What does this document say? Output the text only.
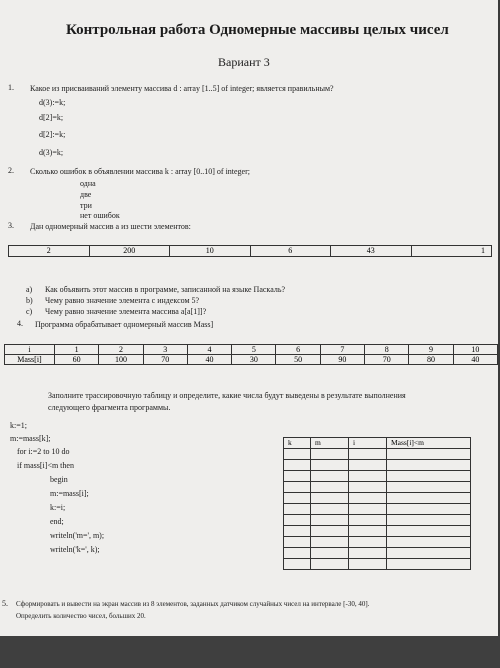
Контрольная работа Одномерные массивы целых чисел
Вариант 3
1. Какое из присваиваний элементу массива d : array [1..5] of integer; является правильным?
d(3):=k;
d[2]=k;
d[2]:=k;
d(3)=k;
2. Сколько ошибок в объявлении массива k : array [0..10] of integer;
одна
две
три
нет ошибок
3. Дан одномерный массив а из шести элементов:
2	200	10	6	43	1
a) Как объявить этот массив в программе, записанной на языке Паскаль?
b) Чему равно значение элемента с индексом 5?
c) Чему равно значение элемента массива a[a[1]]?
4. Программа обрабатывает одномерный массив Mass]
i	1	2	3	4	5	6	7	8	9	10
Mass[i]	60	100	70	40	30	50	90	70	80	40
Заполните трассировочную таблицу и определите, какие числа будут выведены в результате выполнения
следующего фрагмента программы.
k:=1;
m:=mass[k];
for i:=2 to 10 do
if mass[i]<m then
begin
m:=mass[i];
k:=i;
end;
writeln('m=', m);
writeln('k=', k);
k	m	i	Mass[i]<m

5. Сформировать и вывести на экран массив из 8 элементов, заданных датчиком случайных чисел на интервале [-30, 40].
Определить количество чисел, больших 20.
